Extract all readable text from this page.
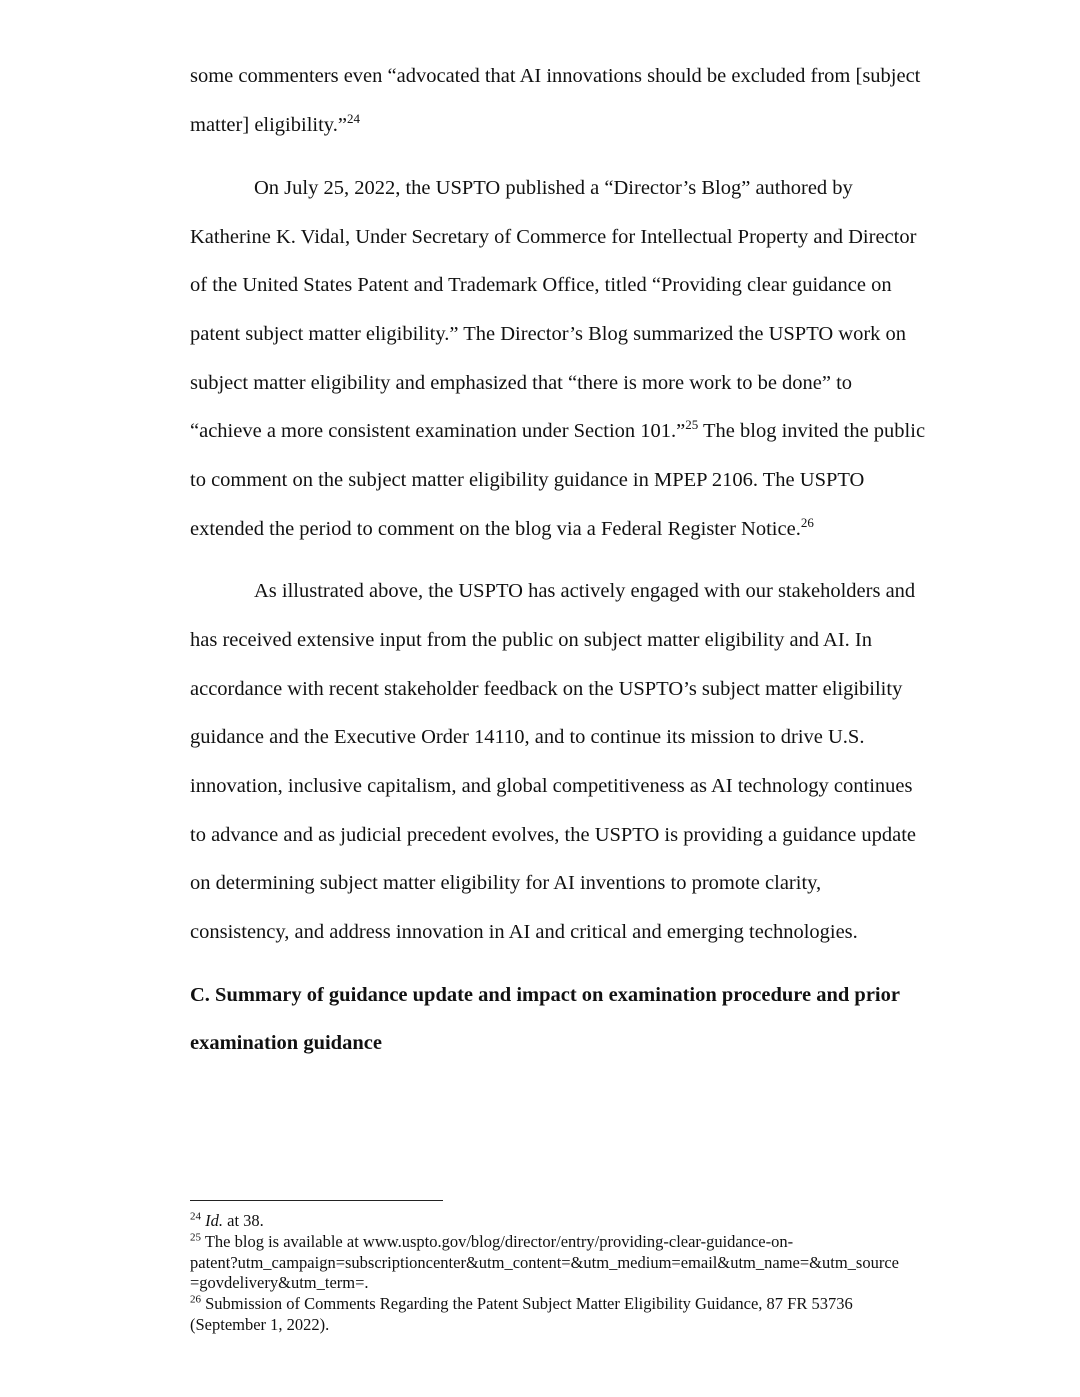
some commenters even “advocated that AI innovations should be excluded from [subject
matter] eligibility.”$^{24}$
On July 25, 2022, the USPTO published a “Director’s Blog” authored by
Katherine K. Vidal, Under Secretary of Commerce for Intellectual Property and Director
of the United States Patent and Trademark Office, titled “Providing clear guidance on
patent subject matter eligibility.” The Director’s Blog summarized the USPTO work on
subject matter eligibility and emphasized that “there is more work to be done” to
“achieve a more consistent examination under Section 101.”$^{25}$ The blog invited the public
to comment on the subject matter eligibility guidance in MPEP 2106. The USPTO
extended the period to comment on the blog via a Federal Register Notice.$^{26}$
As illustrated above, the USPTO has actively engaged with our stakeholders and
has received extensive input from the public on subject matter eligibility and AI. In
accordance with recent stakeholder feedback on the USPTO’s subject matter eligibility
guidance and the Executive Order 14110, and to continue its mission to drive U.S.
innovation, inclusive capitalism, and global competitiveness as AI technology continues
to advance and as judicial precedent evolves, the USPTO is providing a guidance update
on determining subject matter eligibility for AI inventions to promote clarity,
consistency, and address innovation in AI and critical and emerging technologies.
C. Summary of guidance update and impact on examination procedure and prior
examination guidance
$^{24}$ Id. at 38.
$^{25}$ The blog is available at www.uspto.gov/blog/director/entry/providing-clear-guidance-on-
patent?utm_campaign=subscriptioncenter&utm_content=&utm_medium=email&utm_name=&utm_source
=govdelivery&utm_term=.
$^{26}$ Submission of Comments Regarding the Patent Subject Matter Eligibility Guidance, 87 FR 53736
(September 1, 2022).
